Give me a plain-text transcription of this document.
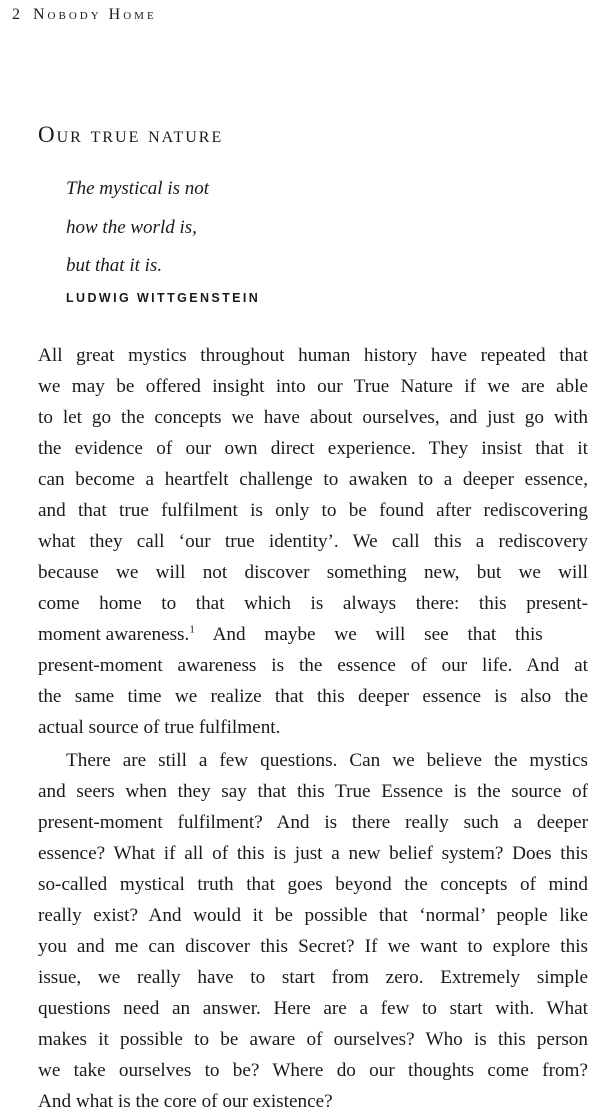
2 Nobody Home
Our true nature
The mystical is not
how the world is,
but that it is.
LUDWIG WITTGENSTEIN
All great mystics throughout human history have repeated that
we may be offered insight into our True Nature if we are able
to let go the concepts we have about ourselves, and just go with
the evidence of our own direct experience. They insist that it
can become a heartfelt challenge to awaken to a deeper essence,
and that true fulfilment is only to be found after rediscovering
what they call ‘our true identity’. We call this a rediscovery
because we will not discover something new, but we will
come home to that which is always there: this present-
moment awareness.$^1$ And maybe we will see that this
present-moment awareness is the essence of our life. And at
the same time we realize that this deeper essence is also the
actual source of true fulfilment.
There are still a few questions. Can we believe the mystics
and seers when they say that this True Essence is the source of
present-moment fulfilment? And is there really such a deeper
essence? What if all of this is just a new belief system? Does this
so-called mystical truth that goes beyond the concepts of mind
really exist? And would it be possible that ‘normal’ people like
you and me can discover this Secret? If we want to explore this
issue, we really have to start from zero. Extremely simple
questions need an answer. Here are a few to start with. What
makes it possible to be aware of ourselves? Who is this person
we take ourselves to be? Where do our thoughts come from?
And what is the core of our existence?
